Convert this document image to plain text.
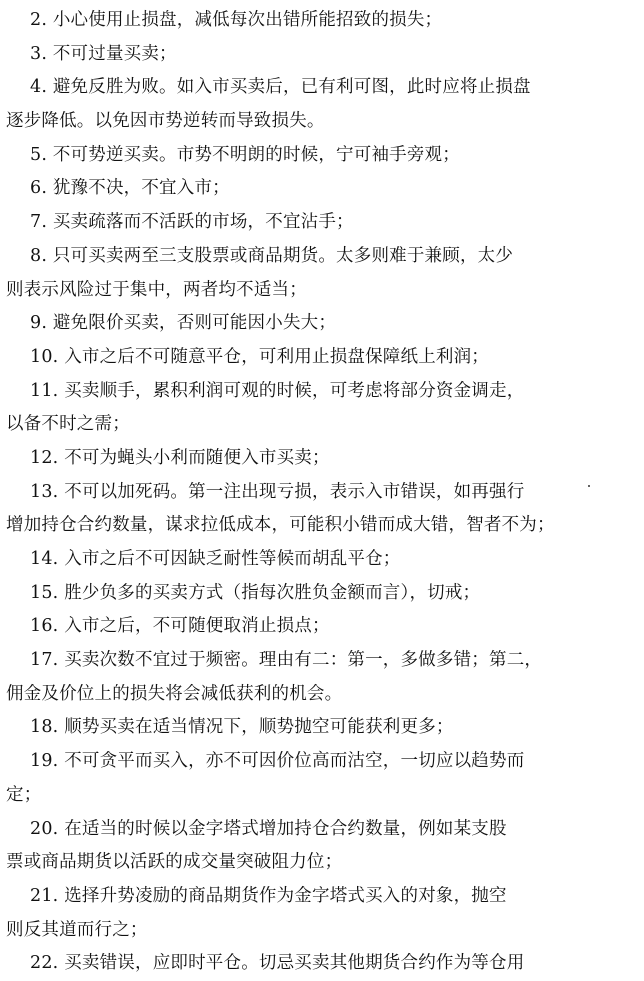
2. 小心使用止损盘，减低每次出错所能招致的损失；
3. 不可过量买卖；
4. 避免反胜为败。如入市买卖后，已有利可图，此时应将止损盘
逐步降低。以免因市势逆转而导致损失。
5. 不可势逆买卖。市势不明朗的时候，宁可袖手旁观；
6. 犹豫不决，不宜入市；
7. 买卖疏落而不活跃的市场，不宜沾手；
8. 只可买卖两至三支股票或商品期货。太多则难于兼顾，太少
则表示风险过于集中，两者均不适当；
9. 避免限价买卖，否则可能因小失大；
10. 入市之后不可随意平仓，可利用止损盘保障纸上利润；
11. 买卖顺手，累积利润可观的时候，可考虑将部分资金调走，
以备不时之需；
12. 不可为蝇头小利而随便入市买卖；
13. 不可以加死码。第一注出现亏损，表示入市错误，如再强行
增加持仓合约数量，谋求拉低成本，可能积小错而成大错，智者不为；
14. 入市之后不可因缺乏耐性等候而胡乱平仓；
15. 胜少负多的买卖方式（指每次胜负金额而言），切戒；
16. 入市之后，不可随便取消止损点；
17. 买卖次数不宜过于频密。理由有二：第一，多做多错；第二，
佣金及价位上的损失将会减低获利的机会。
18. 顺势买卖在适当情况下，顺势抛空可能获利更多；
19. 不可贪平而买入，亦不可因价位高而沽空，一切应以趋势而
定；
20. 在适当的时候以金字塔式增加持仓合约数量，例如某支股
票或商品期货以活跃的成交量突破阻力位；
21. 选择升势凌励的商品期货作为金字塔式买入的对象，抛空
则反其道而行之；
22. 买卖错误，应即时平仓。切忌买卖其他期货合约作为等仓用
